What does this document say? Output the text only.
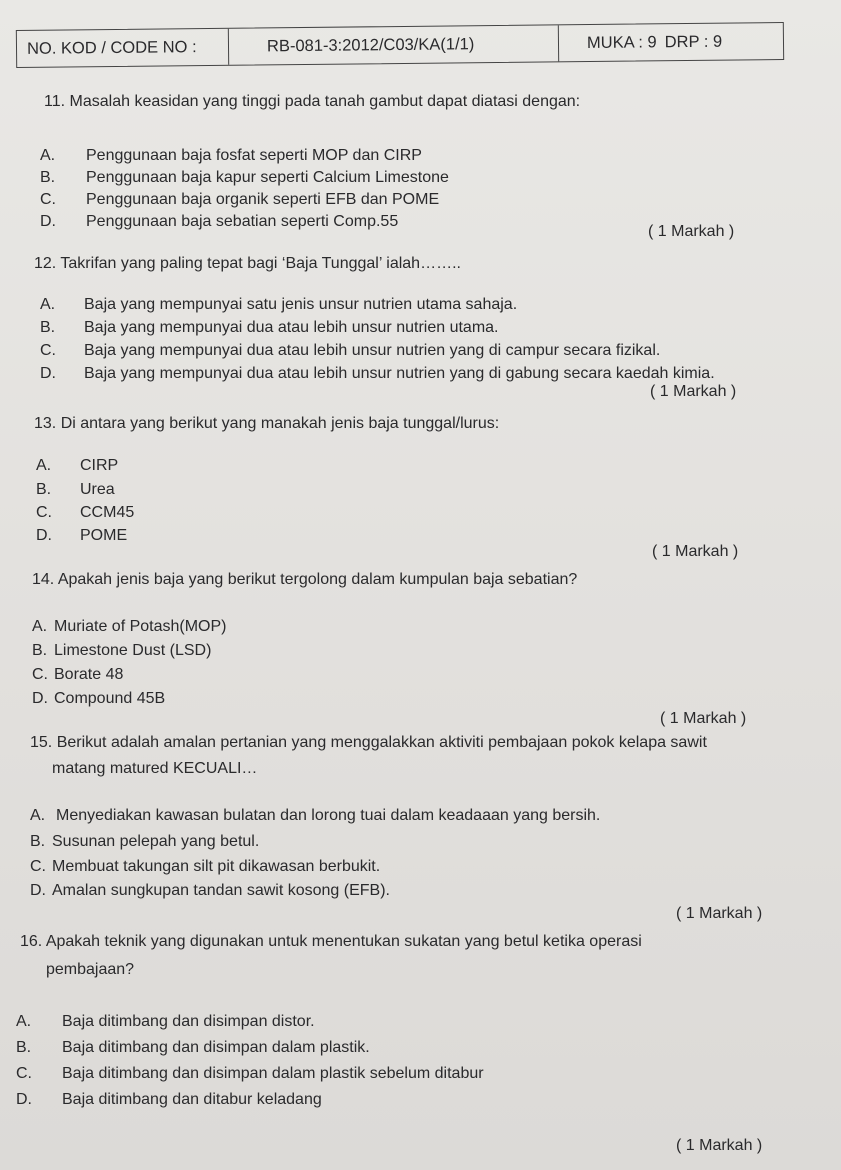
NO. KOD / CODE NO :	RB-081-3:2012/C03/KA(1/1)	MUKA : 9 DRP : 9
11. Masalah keasidan yang tinggi pada tanah gambut dapat diatasi dengan:
A.	Penggunaan baja fosfat seperti MOP dan CIRP
B.	Penggunaan baja kapur seperti Calcium Limestone
C.	Penggunaan baja organik seperti EFB dan POME
D.	Penggunaan baja sebatian seperti Comp.55
( 1 Markah )
12. Takrifan yang paling tepat bagi ‘Baja Tunggal’ ialah……..
A.	Baja yang mempunyai satu jenis unsur nutrien utama sahaja.
B.	Baja yang mempunyai dua atau lebih unsur nutrien utama.
C.	Baja yang mempunyai dua atau lebih unsur nutrien yang di campur secara fizikal.
D.	Baja yang mempunyai dua atau lebih unsur nutrien yang di gabung secara kaedah kimia.
( 1 Markah )
13. Di antara yang berikut yang manakah jenis baja tunggal/lurus:
A.	CIRP
B.	Urea
C.	CCM45
D.	POME
( 1 Markah )
14. Apakah jenis baja yang berikut tergolong dalam kumpulan baja sebatian?
A. Muriate of Potash(MOP)
B. Limestone Dust (LSD)
C. Borate 48
D. Compound 45B
( 1 Markah )
15. Berikut adalah amalan pertanian yang menggalakkan aktiviti pembajaan pokok kelapa sawit
matang matured KECUALI…
A. Menyediakan kawasan bulatan dan lorong tuai dalam keadaaan yang bersih.
B. Susunan pelepah yang betul.
C. Membuat takungan silt pit dikawasan berbukit.
D. Amalan sungkupan tandan sawit kosong (EFB).
( 1 Markah )
16. Apakah teknik yang digunakan untuk menentukan sukatan yang betul ketika operasi
pembajaan?
A.	Baja ditimbang dan disimpan distor.
B.	Baja ditimbang dan disimpan dalam plastik.
C.	Baja ditimbang dan disimpan dalam plastik sebelum ditabur
D.	Baja ditimbang dan ditabur keladang
( 1 Markah )
